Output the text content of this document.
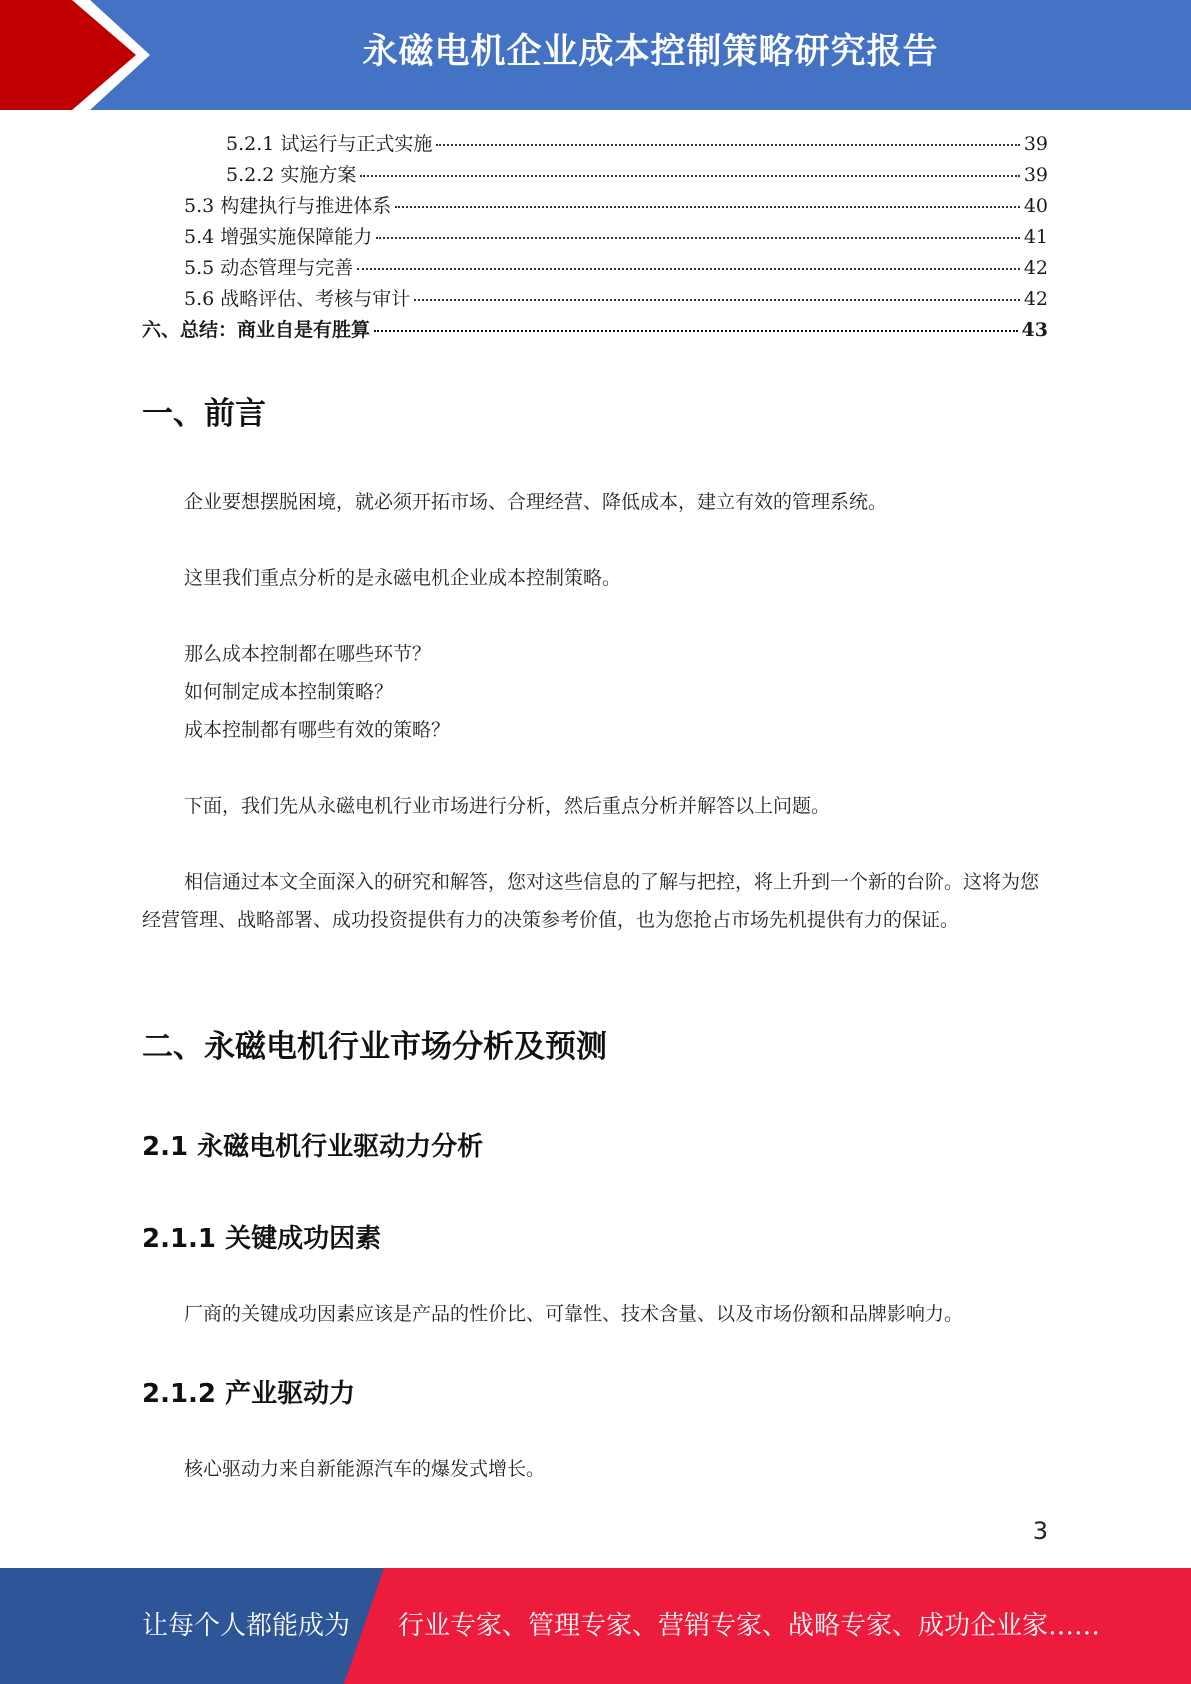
永磁电机企业成本控制策略研究报告
5.2.1 试运行与正式实施	39
5.2.2 实施方案	39
5.3 构建执行与推进体系	40
5.4 增强实施保障能力	41
5.5 动态管理与完善	42
5.6 战略评估、考核与审计	42
六、总结：商业自是有胜算	43
一、前言
企业要想摆脱困境，就必须开拓市场、合理经营、降低成本，建立有效的管理系统。
这里我们重点分析的是永磁电机企业成本控制策略。
那么成本控制都在哪些环节？
如何制定成本控制策略？
成本控制都有哪些有效的策略？
下面，我们先从永磁电机行业市场进行分析，然后重点分析并解答以上问题。
相信通过本文全面深入的研究和解答，您对这些信息的了解与把控，将上升到一个新的台阶。这将为您经营管理、战略部署、成功投资提供有力的决策参考价值，也为您抢占市场先机提供有力的保证。
二、永磁电机行业市场分析及预测
2.1 永磁电机行业驱动力分析
2.1.1 关键成功因素
厂商的关键成功因素应该是产品的性价比、可靠性、技术含量、以及市场份额和品牌影响力。
2.1.2 产业驱动力
核心驱动力来自新能源汽车的爆发式增长。
3
让每个人都能成为 行业专家、管理专家、营销专家、战略专家、成功企业家……
